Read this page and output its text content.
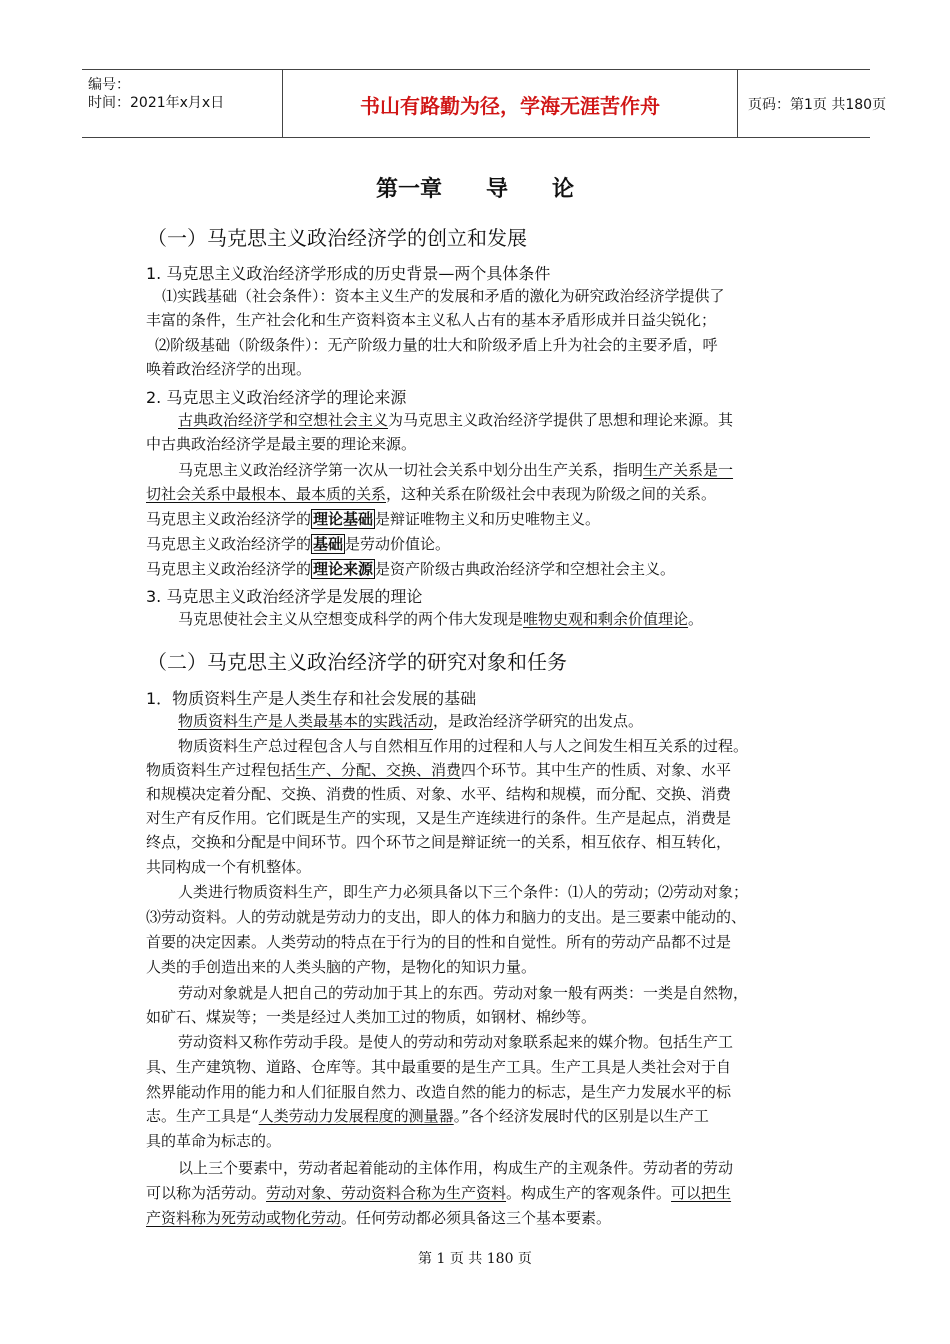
编号：
时间：2021年x月x日	书山有路勤为径，学海无涯苦作舟	页码：第1页 共180页
第一章　　导　　论
（一）马克思主义政治经济学的创立和发展
1. 马克思主义政治经济学形成的历史背景—两个具体条件
⑴实践基础（社会条件）：资本主义生产的发展和矛盾的激化为研究政治经济学提供了
丰富的条件，生产社会化和生产资料资本主义私人占有的基本矛盾形成并日益尖锐化；
⑵阶级基础（阶级条件）：无产阶级力量的壮大和阶级矛盾上升为社会的主要矛盾，呼
唤着政治经济学的出现。
2. 马克思主义政治经济学的理论来源
古典政治经济学和空想社会主义为马克思主义政治经济学提供了思想和理论来源。其
中古典政治经济学是最主要的理论来源。
马克思主义政治经济学第一次从一切社会关系中划分出生产关系，指明生产关系是一
切社会关系中最根本、最本质的关系，这种关系在阶级社会中表现为阶级之间的关系。
马克思主义政治经济学的 理论基础 是辩证唯物主义和历史唯物主义。
马克思主义政治经济学的 基础 是劳动价值论。
马克思主义政治经济学的 理论来源 是资产阶级古典政治经济学和空想社会主义。
3. 马克思主义政治经济学是发展的理论
马克思使社会主义从空想变成科学的两个伟大发现是唯物史观和剩余价值理论。
（二）马克思主义政治经济学的研究对象和任务
1．物质资料生产是人类生存和社会发展的基础
物质资料生产是人类最基本的实践活动，是政治经济学研究的出发点。
物质资料生产总过程包含人与自然相互作用的过程和人与人之间发生相互关系的过程。
物质资料生产过程包括生产、分配、交换、消费四个环节。其中生产的性质、对象、水平
和规模决定着分配、交换、消费的性质、对象、水平、结构和规模，而分配、交换、消费
对生产有反作用。它们既是生产的实现，又是生产连续进行的条件。生产是起点，消费是
终点，交换和分配是中间环节。四个环节之间是辩证统一的关系，相互依存、相互转化，
共同构成一个有机整体。
人类进行物质资料生产，即生产力必须具备以下三个条件：⑴人的劳动；⑵劳动对象；
⑶劳动资料。人的劳动就是劳动力的支出，即人的体力和脑力的支出。是三要素中能动的、
首要的决定因素。人类劳动的特点在于行为的目的性和自觉性。所有的劳动产品都不过是
人类的手创造出来的人类头脑的产物，是物化的知识力量。
劳动对象就是人把自己的劳动加于其上的东西。劳动对象一般有两类：一类是自然物，
如矿石、煤炭等；一类是经过人类加工过的物质，如钢材、棉纱等。
劳动资料又称作劳动手段。是使人的劳动和劳动对象联系起来的媒介物。包括生产工
具、生产建筑物、道路、仓库等。其中最重要的是生产工具。生产工具是人类社会对于自
然界能动作用的能力和人们征服自然力、改造自然的能力的标志，是生产力发展水平的标
志。生产工具是“人类劳动力发展程度的测量器。”各个经济发展时代的区别是以生产工
具的革命为标志的。
以上三个要素中，劳动者起着能动的主体作用，构成生产的主观条件。劳动者的劳动
可以称为活劳动。劳动对象、劳动资料合称为生产资料。构成生产的客观条件。可以把生
产资料称为死劳动或物化劳动。任何劳动都必须具备这三个基本要素。
第 1 页 共 180 页
